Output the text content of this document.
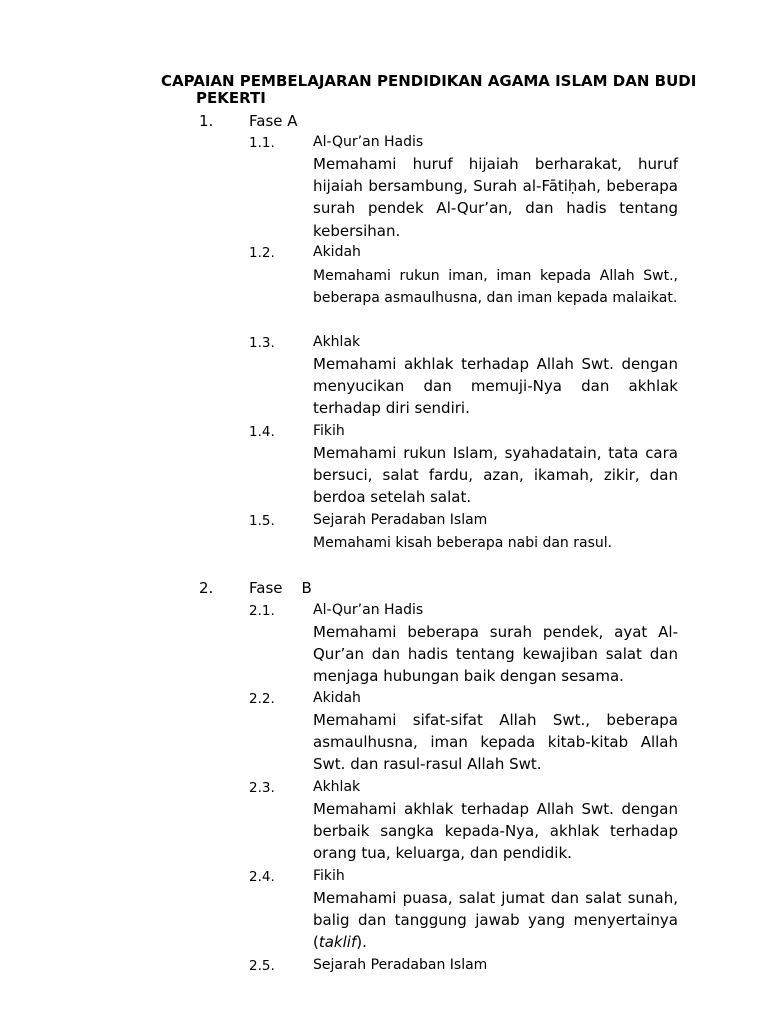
CAPAIAN PEMBELAJARAN PENDIDIKAN AGAMA ISLAM DAN BUDI
PEKERTI
1. Fase A
1.1.	Al-Qur’an Hadis

Memahami huruf hijaiah berharakat, huruf hijaiah bersambung, Surah al-Fātiḥah, beberapa surah pendek Al-Qur’an, dan hadis tentang kebersihan.

1.2.	Akidah

Memahami rukun iman, iman kepada Allah Swt., beberapa asmaulhusna, dan iman kepada malaikat.

1.3.	Akhlak

Memahami akhlak terhadap Allah Swt. dengan menyucikan dan memuji-Nya dan akhlak terhadap diri sendiri.

1.4.	Fikih

Memahami rukun Islam, syahadatain, tata cara bersuci, salat fardu, azan, ikamah, zikir, dan berdoa setelah salat.

1.5.	Sejarah Peradaban Islam

Memahami kisah beberapa nabi dan rasul.

2. Fase    B
2.1.	Al-Qur’an Hadis

Memahami beberapa surah pendek, ayat Al-Qur’an dan hadis tentang kewajiban salat dan menjaga hubungan baik dengan sesama.

2.2.	Akidah

Memahami sifat-sifat Allah Swt., beberapa asmaulhusna, iman kepada kitab-kitab Allah Swt. dan rasul-rasul Allah Swt.

2.3.	Akhlak

Memahami akhlak terhadap Allah Swt. dengan berbaik sangka kepada-Nya, akhlak terhadap orang tua, keluarga, dan pendidik.

2.4.	Fikih

Memahami puasa, salat jumat dan salat sunah, balig dan tanggung jawab yang menyertainya (taklif).

2.5.	Sejarah Peradaban Islam
